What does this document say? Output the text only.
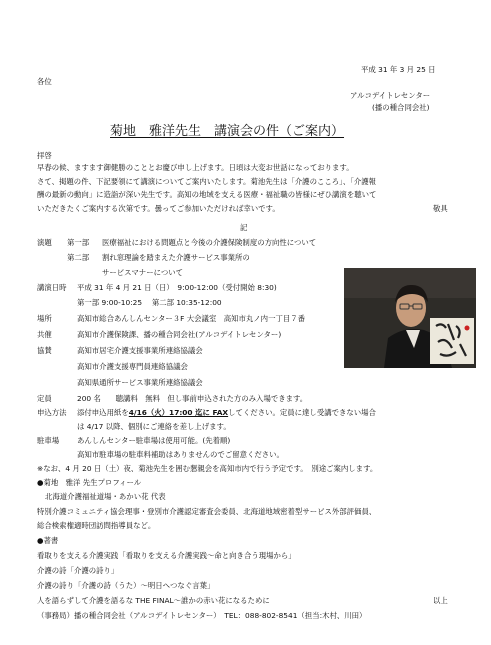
平成 31 年 3 月 25 日
各位
アルコデイトレセンター
(播の種合同会社)
菊地　雅洋先生　講演会の件（ご案内）
拝啓
早春の候、ますます御健勝のこととお慶び申し上げます。日頃は大変お世話になっております。
さて、掲題の件、下記要領にて講演についてご案内いたします。菊池先生は「介護のこころ」、「介護報
酬の最新の動向」に造詣が深い先生です。高知の地域を支える医療・福祉職の皆様にぜひ講演を聴いて
いただきたくご案内する次第です。曇ってご参加いただければ幸いです。	敬具
記
演題 第一部 医療福祉における問題点と今後の介護保険制度の方向性について
第二部 割れ窓理論を踏まえた介護サービス事業所の
サービスマナーについて
講演日時 平成 31 年 4 月 21 日（日）　9:00-12:00（受付開始 8:30)
第一部 9:00-10:25　 第二部 10:35-12:00
場所	高知市総合あんしんセンター３F 大会議室　高知市丸ノ内一丁目７番
共催	高知市介護保険課、播の種合同会社(アルコデイトレセンター)
協賛	高知市居宅介護支援事業所連絡協議会
高知市介護支援専門員連絡協議会
高知県通所サービス事業所連絡協議会
定員	200 名　　聴講料　無料　但し事前申込された方のみ入場できます。
申込方法 添付申込用紙を4/16（火）17:00 迄に FAXしてください。定員に達し受講できない場合
は 4/17 以降、個別にご連絡を差し上げます。
駐車場 あんしんセンター駐車場は使用可能。(先着順)
高知市駐車場の駐車料補助はありませんのでご留意ください。
※なお、4 月 20 日（土）夜、菊池先生を囲む懇親会を高知市内で行う予定です。　別途ご案内します。
●菊地　雅洋 先生プロフィール
北海道介護福祉道場・あかい花 代表
特別介護コミュニティ協会理事・登別市介護認定審査会委員、北海道地域密着型サービス外部評価員、
総合検索権適時団訪問指導員など。
●著書
看取りを支える介護実践「看取りを支える介護実践～命と向き合う現場から」
介護の詩「介護の詩り」
介護の詩り「介護の詩（うた）～明日へつなぐ言葉」
人を語らずして介護を語るな THE FINAL～誰かの赤い花になるために	以上
（事務局）播の種合同会社（アルコデイトレセンター）　TEL：088-802-8541（担当:木村、川田）
